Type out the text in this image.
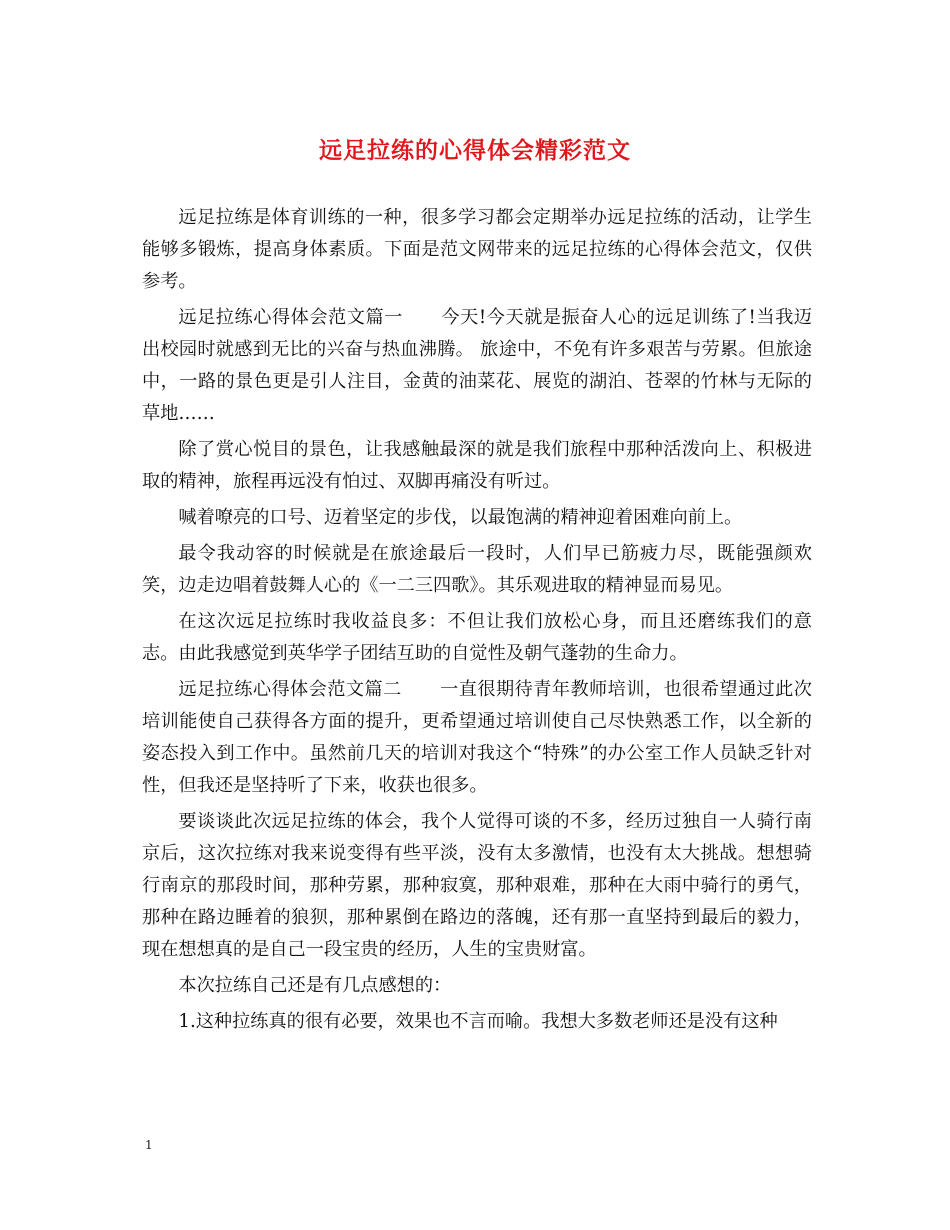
远足拉练的心得体会精彩范文

远足拉练是体育训练的一种，很多学习都会定期举办远足拉练的活动，让学生能够多锻炼，提高身体素质。下面是范文网带来的远足拉练的心得体会范文，仅供参考。

远足拉练心得体会范文篇一 今天!今天就是振奋人心的远足训练了!当我迈出校园时就感到无比的兴奋与热血沸腾。 旅途中，不免有许多艰苦与劳累。但旅途中，一路的景色更是引人注目，金黄的油菜花、展览的湖泊、苍翠的竹林与无际的草地……

除了赏心悦目的景色，让我感触最深的就是我们旅程中那种活泼向上、积极进取的精神，旅程再远没有怕过、双脚再痛没有听过。

喊着嘹亮的口号、迈着坚定的步伐，以最饱满的精神迎着困难向前上。

最令我动容的时候就是在旅途最后一段时，人们早已筋疲力尽，既能强颜欢笑，边走边唱着鼓舞人心的《一二三四歌》。其乐观进取的精神显而易见。

在这次远足拉练时我收益良多：不但让我们放松心身，而且还磨练我们的意志。由此我感觉到英华学子团结互助的自觉性及朝气蓬勃的生命力。

远足拉练心得体会范文篇二 一直很期待青年教师培训，也很希望通过此次培训能使自己获得各方面的提升，更希望通过培训使自己尽快熟悉工作，以全新的姿态投入到工作中。虽然前几天的培训对我这个“特殊”的办公室工作人员缺乏针对性，但我还是坚持听了下来，收获也很多。

要谈谈此次远足拉练的体会，我个人觉得可谈的不多，经历过独自一人骑行南京后，这次拉练对我来说变得有些平淡，没有太多激情，也没有太大挑战。想想骑行南京的那段时间，那种劳累，那种寂寞，那种艰难，那种在大雨中骑行的勇气，那种在路边睡着的狼狈，那种累倒在路边的落魄，还有那一直坚持到最后的毅力，现在想想真的是自己一段宝贵的经历，人生的宝贵财富。

本次拉练自己还是有几点感想的：

1.这种拉练真的很有必要，效果也不言而喻。我想大多数老师还是没有这种

1
